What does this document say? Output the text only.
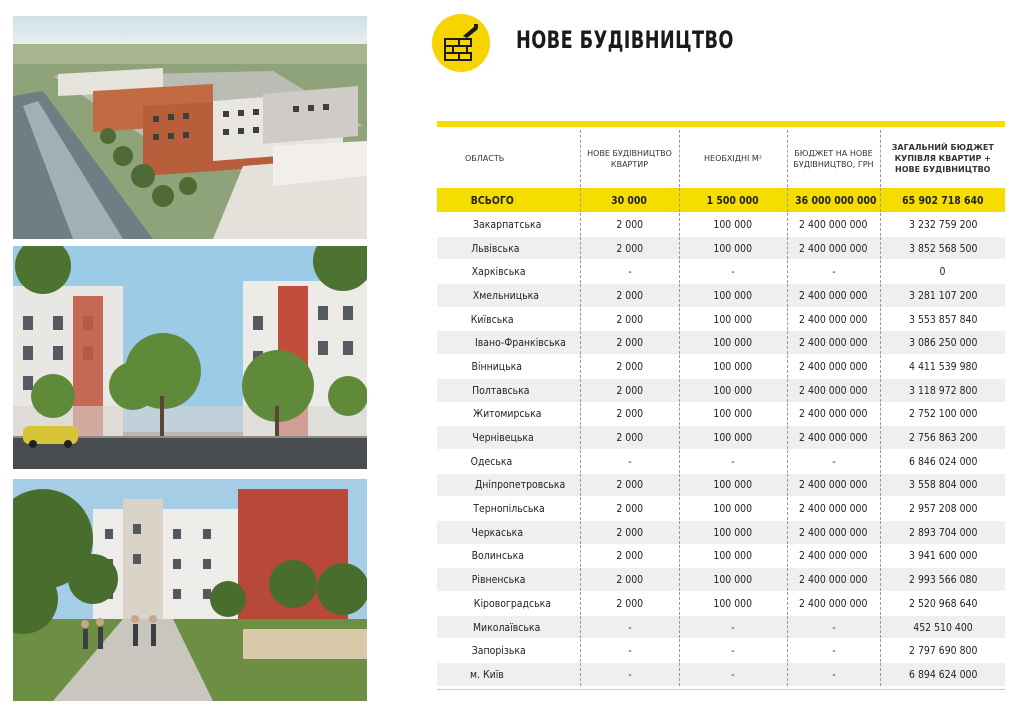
НОВЕ БУДІВНИЦТВО
ОБЛАСТЬ	НОВЕ БУДІВНИЦТВО КВАРТИР	НЕОБХІДНІ М²	БЮДЖЕТ НА НОВЕ БУДІВНИЦТВО, ГРН	ЗАГАЛЬНИЙ БЮДЖЕТ КУПІВЛЯ КВАРТИР + НОВЕ БУДІВНИЦТВО
ВСЬОГО	30 000	1 500 000	36 000 000 000	65 902 718 640
Закарпатська	2 000	100 000	2 400 000 000	3 232 759 200
Львівська	2 000	100 000	2 400 000 000	3 852 568 500
Харківська	-	-	-	0
Хмельницька	2 000	100 000	2 400 000 000	3 281 107 200
Київська	2 000	100 000	2 400 000 000	3 553 857 840
Івано-Франківська	2 000	100 000	2 400 000 000	3 086 250 000
Вінницька	2 000	100 000	2 400 000 000	4 411 539 980
Полтавська	2 000	100 000	2 400 000 000	3 118 972 800
Житомирська	2 000	100 000	2 400 000 000	2 752 100 000
Чернівецька	2 000	100 000	2 400 000 000	2 756 863 200
Одеська	-	-	-	6 846 024 000
Дніпропетровська	2 000	100 000	2 400 000 000	3 558 804 000
Тернопільська	2 000	100 000	2 400 000 000	2 957 208 000
Черкаська	2 000	100 000	2 400 000 000	2 893 704 000
Волинська	2 000	100 000	2 400 000 000	3 941 600 000
Рівненська	2 000	100 000	2 400 000 000	2 993 566 080
Кіровоградська	2 000	100 000	2 400 000 000	2 520 968 640
Миколаївська	-	-	-	452 510 400
Запорізька	-	-	-	2 797 690 800
м. Київ	-	-	-	6 894 624 000
